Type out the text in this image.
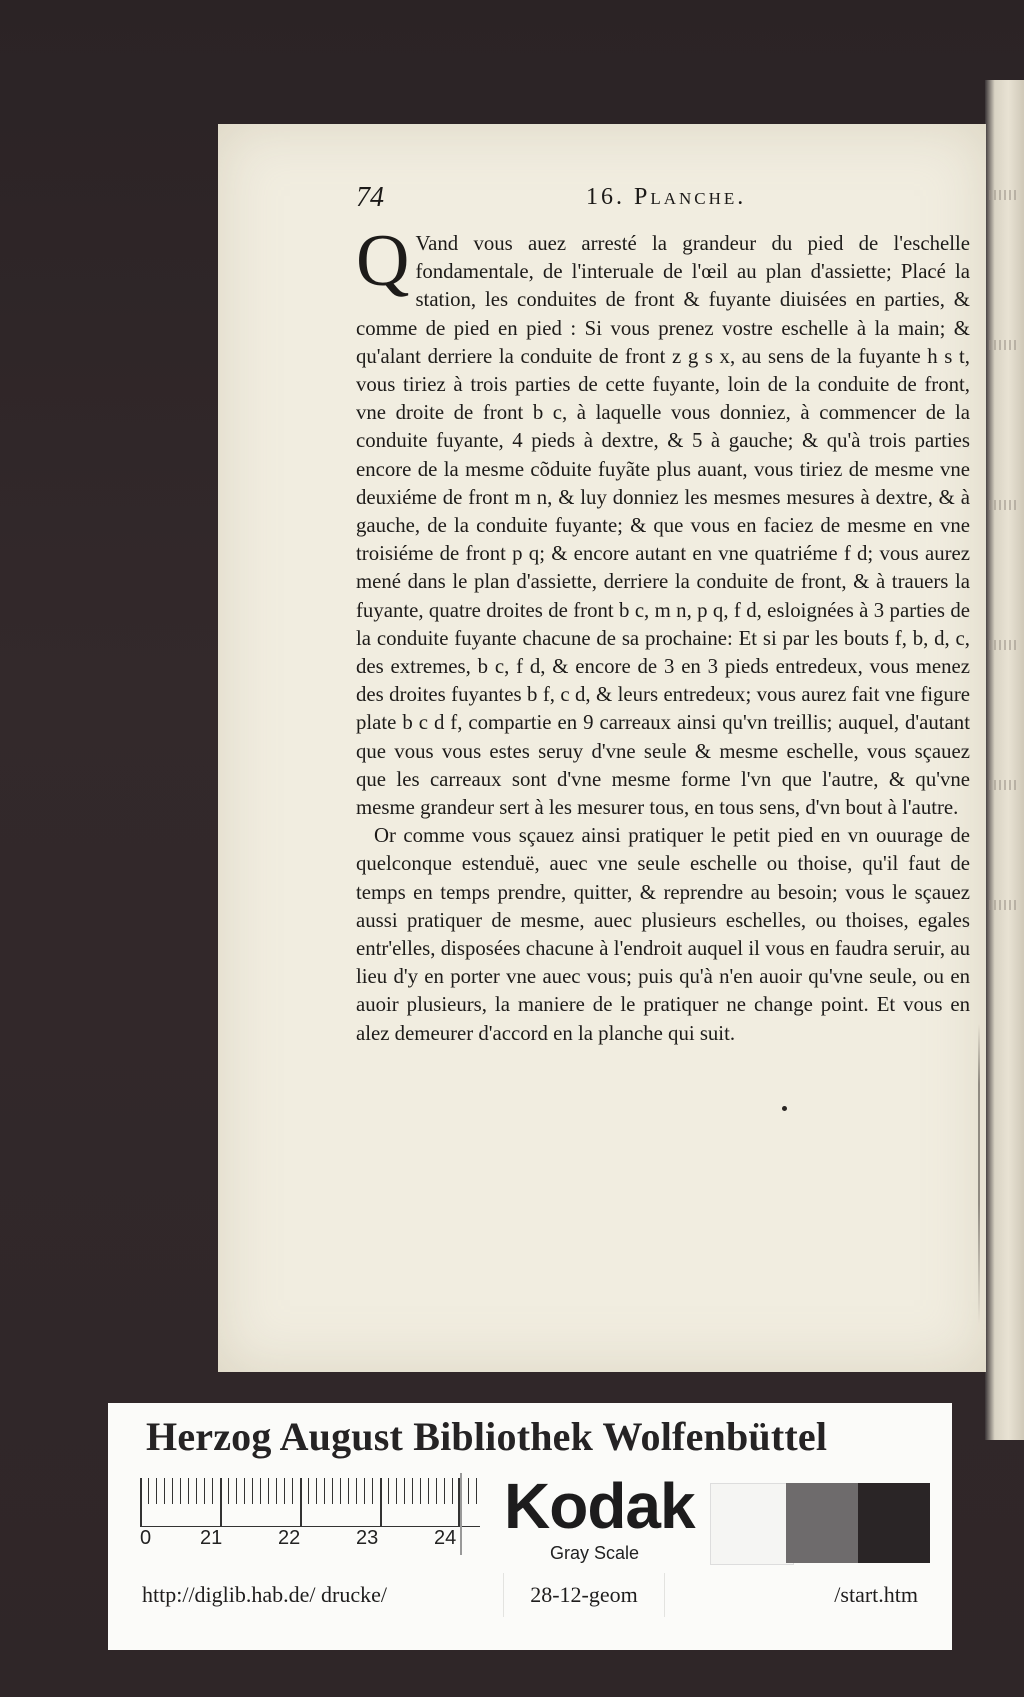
74	16. Planche.

Q Vand vous auez arresté la grandeur du pied de l'eschelle fondamentale, de l'interuale de l'œil au plan d'assiette; Placé la station, les conduites de front & fuyante diuisées en parties, & comme de pied en pied : Si vous prenez vostre eschelle à la main; & qu'alant derriere la conduite de front z g s x, au sens de la fuyante h s t, vous tiriez à trois parties de cette fuyante, loin de la conduite de front, vne droite de front b c, à laquelle vous donniez, à commencer de la conduite fuyante, 4 pieds à dextre, & 5 à gauche; & qu'à trois parties encore de la mesme cõduite fuyãte plus auant, vous tiriez de mesme vne deuxiéme de front m n, & luy donniez les mesmes mesures à dextre, & à gauche, de la conduite fuyante; & que vous en faciez de mesme en vne troisiéme de front p q; & encore autant en vne quatriéme f d; vous aurez mené dans le plan d'assiette, derriere la conduite de front, & à trauers la fuyante, quatre droites de front b c, m n, p q, f d, esloignées à 3 parties de la conduite fuyante chacune de sa prochaine: Et si par les bouts f, b, d, c, des extremes, b c, f d, & encore de 3 en 3 pieds entredeux, vous menez des droites fuyantes b f, c d, & leurs entredeux; vous aurez fait vne figure plate b c d f, compartie en 9 carreaux ainsi qu'vn treillis; auquel, d'autant que vous vous estes seruy d'vne seule & mesme eschelle, vous sçauez que les carreaux sont d'vne mesme forme l'vn que l'autre, & qu'vne mesme grandeur sert à les mesurer tous, en tous sens, d'vn bout à l'autre.

Or comme vous sçauez ainsi pratiquer le petit pied en vn ouurage de quelconque estenduë, auec vne seule eschelle ou thoise, qu'il faut de temps en temps prendre, quitter, & reprendre au besoin; vous le sçauez aussi pratiquer de mesme, auec plusieurs eschelles, ou thoises, egales entr'elles, disposées chacune à l'endroit auquel il vous en faudra seruir, au lieu d'y en porter vne auec vous; puis qu'à n'en auoir qu'vne seule, ou en auoir plusieurs, la maniere de le pratiquer ne change point. Et vous en alez demeurer d'accord en la planche qui suit.

Herzog August Bibliothek Wolfenbüttel
0 21	22	23	24 Kodak
Gray Scale
http://diglib.hab.de/ drucke/	28-12-geom	/start.htm
